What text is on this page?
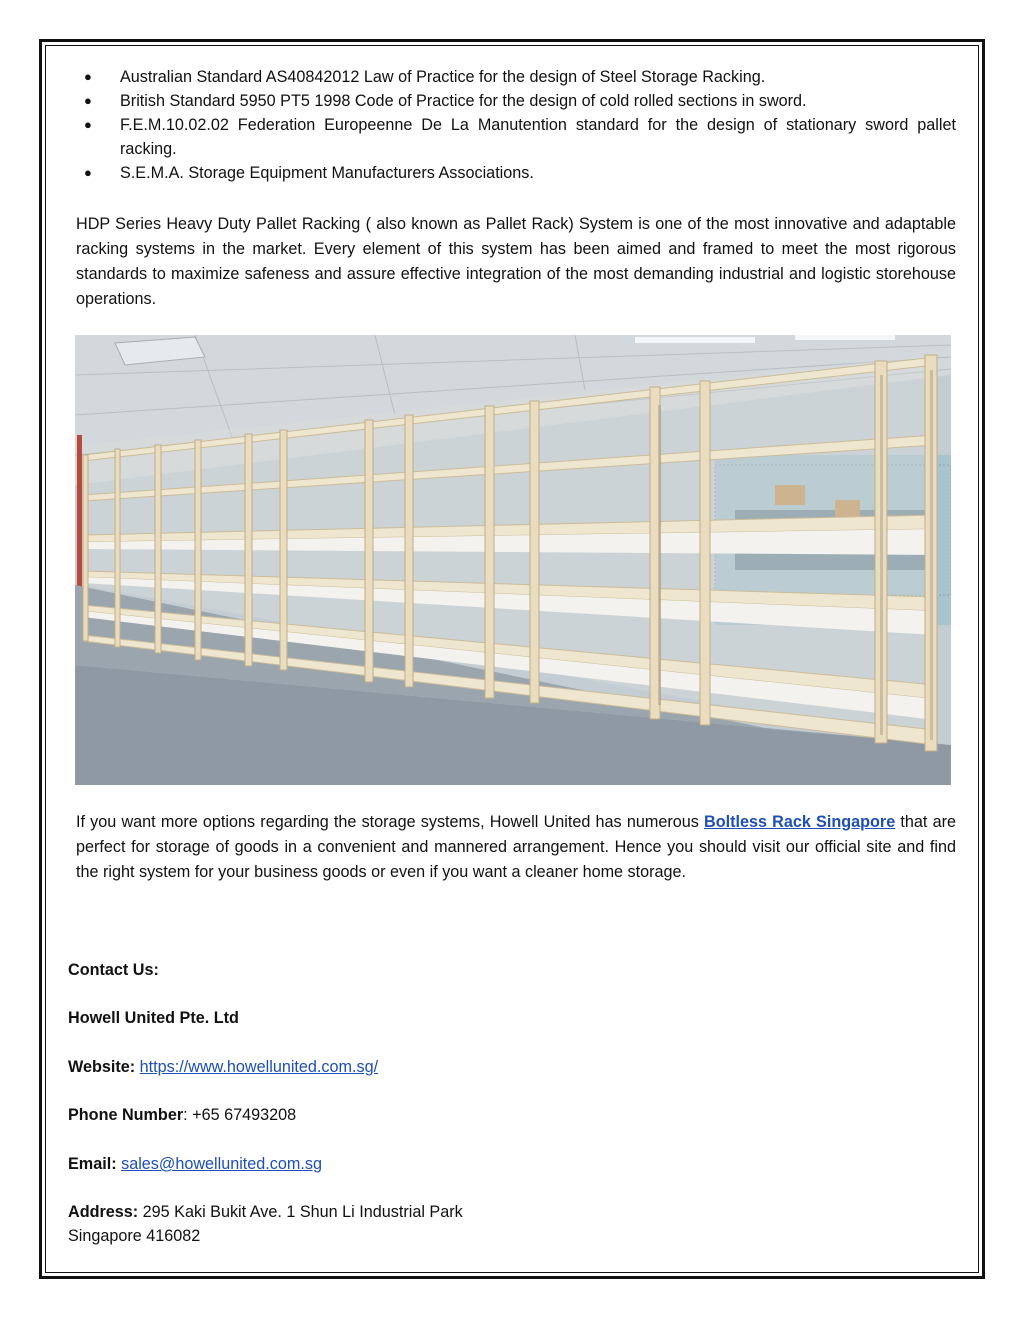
● Australian Standard AS40842012 Law of Practice for the design of Steel Storage Racking.
● British Standard 5950 PT5 1998 Code of Practice for the design of cold rolled sections in sword.
● F.E.M.10.02.02 Federation Europeenne De La Manutention standard for the design of stationary sword pallet     racking.
● S.E.M.A. Storage Equipment Manufacturers Associations.

HDP Series Heavy Duty Pallet Racking ( also known as Pallet Rack) System is one of the most innovative and adaptable racking systems in the market. Every element of this system has been aimed and framed to meet the most rigorous standards to maximize safeness and assure effective integration of the most demanding industrial and logistic storehouse operations.

If you want more options regarding the storage systems, Howell United has numerous Boltless Rack Singapore that are perfect for storage of goods in a convenient and mannered arrangement. Hence you should visit our official site and find the right system for your business goods or even if you want a cleaner home storage.

Contact Us:

Howell United Pte. Ltd

Website: https://www.howellunited.com.sg/

Phone Number: +65 67493208

Email: sales@howellunited.com.sg

Address: 295 Kaki Bukit Ave. 1 Shun Li Industrial Park
Singapore 416082
